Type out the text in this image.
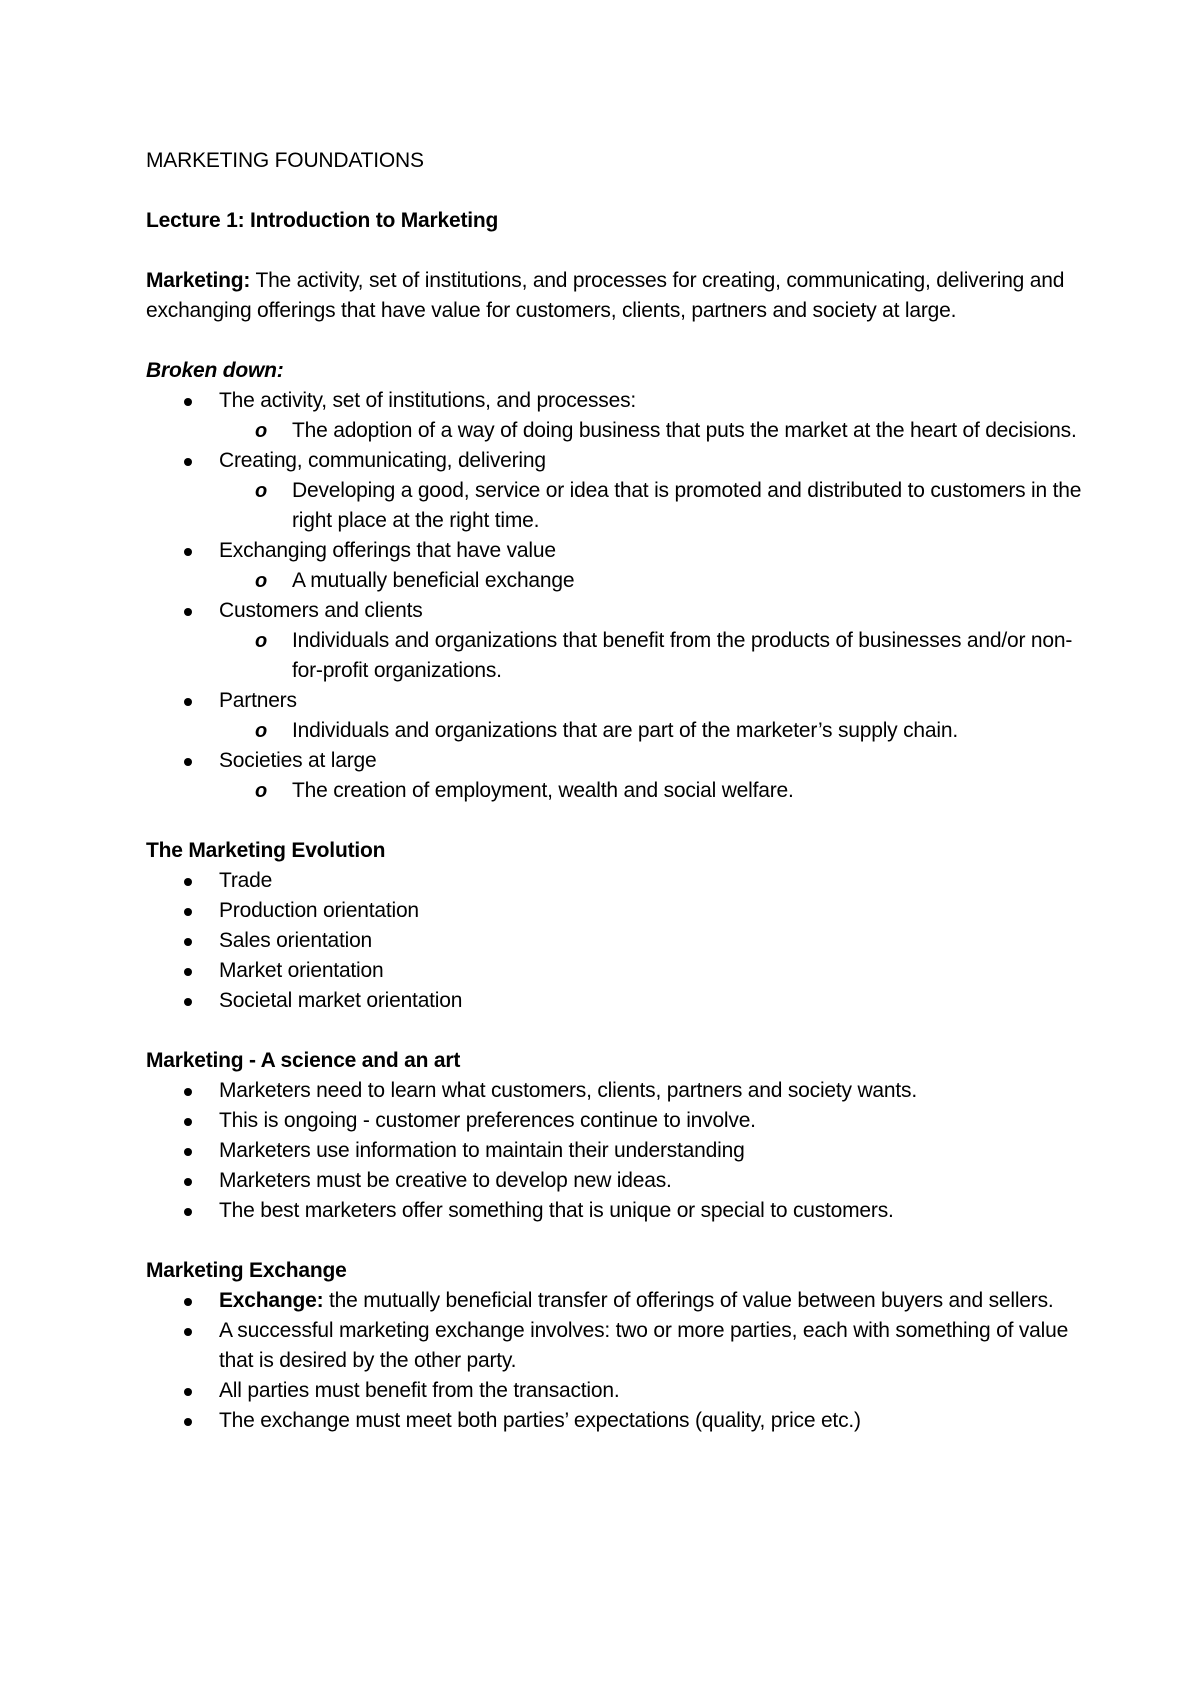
MARKETING FOUNDATIONS

Lecture 1: Introduction to Marketing

Marketing: The activity, set of institutions, and processes for creating, communicating, delivering and exchanging offerings that have value for customers, clients, partners and society at large.

Broken down:

The activity, set of institutions, and processes:
o The adoption of a way of doing business that puts the market at the heart of decisions.
Creating, communicating, delivering
o Developing a good, service or idea that is promoted and distributed to customers in the right place at the right time.
Exchanging offerings that have value
o A mutually beneficial exchange
Customers and clients
o Individuals and organizations that benefit from the products of businesses and/or non-for-profit organizations.
Partners
o Individuals and organizations that are part of the marketer’s supply chain.
Societies at large
o The creation of employment, wealth and social welfare.

The Marketing Evolution

Trade
Production orientation
Sales orientation
Market orientation
Societal market orientation

Marketing - A science and an art

Marketers need to learn what customers, clients, partners and society wants.
This is ongoing - customer preferences continue to involve.
Marketers use information to maintain their understanding
Marketers must be creative to develop new ideas.
The best marketers offer something that is unique or special to customers.

Marketing Exchange

Exchange: the mutually beneficial transfer of offerings of value between buyers and sellers.
A successful marketing exchange involves: two or more parties, each with something of value that is desired by the other party.
All parties must benefit from the transaction.
The exchange must meet both parties’ expectations (quality, price etc.)
